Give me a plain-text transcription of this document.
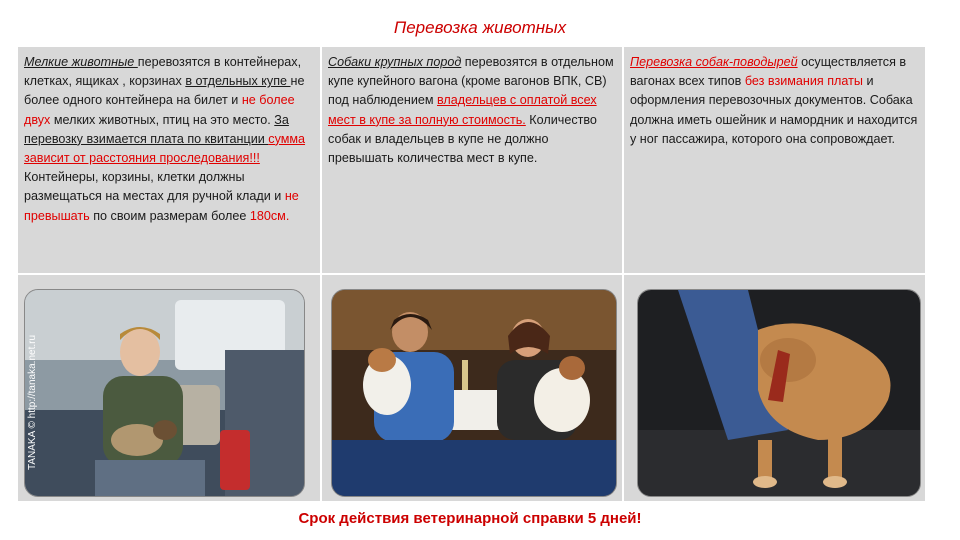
Перевозка животных
Мелкие животные перевозятся в контейнерах, клетках, ящиках , корзинах в отдельных купе не более одного контейнера на билет и не более двух мелких животных, птиц на это место. За перевозку взимается плата по квитанции сумма зависит от расстояния проследования!!! Контейнеры, корзины, клетки должны размещаться на местах для ручной клади и не превышать по своим размерам более 180см.
Собаки крупных пород перевозятся в отдельном купе купейного вагона (кроме вагонов ВПК, СВ) под наблюдением владельцев с оплатой всех мест в купе за полную стоимость. Количество собак и владельцев в купе не должно превышать количества мест в купе.
Перевозка собак-поводырей осуществляется в вагонах всех типов без взимания платы и оформления перевозочных документов. Собака должна иметь ошейник и намордник и находится у ног пассажира, которого она сопровождает.
TANAKA © http://tanaka.net.ru
Срок действия ветеринарной справки 5 дней!
